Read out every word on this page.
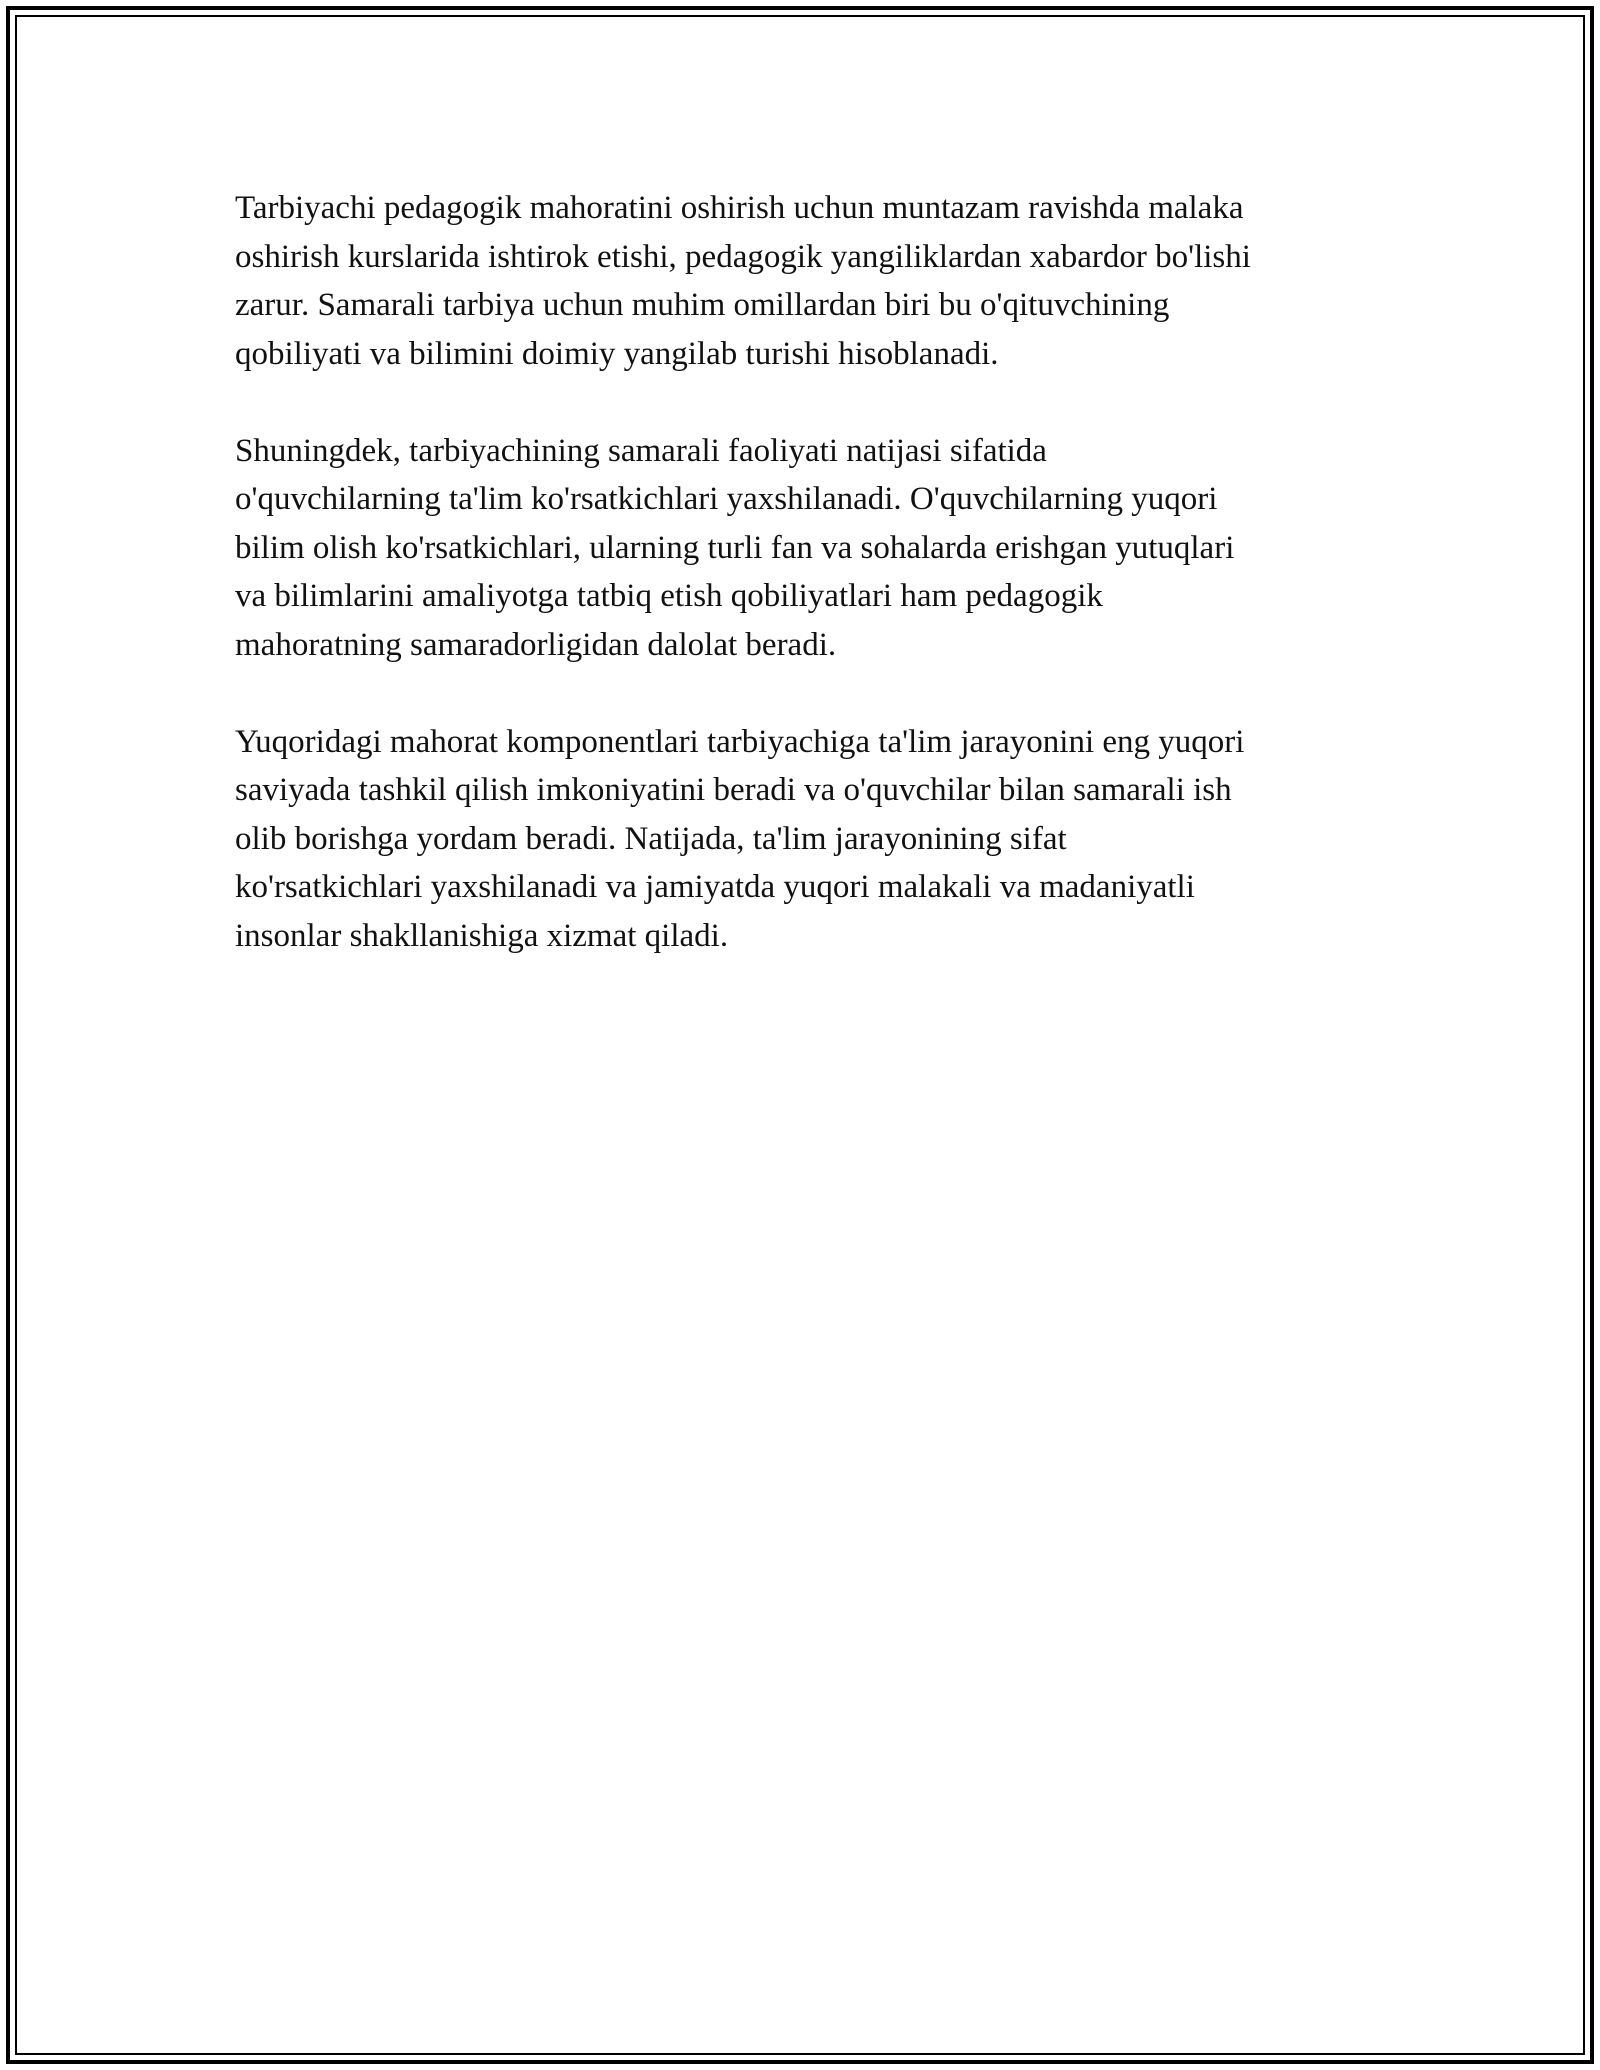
Tarbiyachi pedagogik mahoratini oshirish uchun muntazam ravishda malaka
oshirish kurslarida ishtirok etishi, pedagogik yangiliklardan xabardor bo'lishi
zarur. Samarali tarbiya uchun muhim omillardan biri bu o'qituvchining
qobiliyati va bilimini doimiy yangilab turishi hisoblanadi.

Shuningdek, tarbiyachining samarali faoliyati natijasi sifatida
o'quvchilarning ta'lim ko'rsatkichlari yaxshilanadi. O'quvchilarning yuqori
bilim olish ko'rsatkichlari, ularning turli fan va sohalarda erishgan yutuqlari
va bilimlarini amaliyotga tatbiq etish qobiliyatlari ham pedagogik
mahoratning samaradorligidan dalolat beradi.

Yuqoridagi mahorat komponentlari tarbiyachiga ta'lim jarayonini eng yuqori
saviyada tashkil qilish imkoniyatini beradi va o'quvchilar bilan samarali ish
olib borishga yordam beradi. Natijada, ta'lim jarayonining sifat
ko'rsatkichlari yaxshilanadi va jamiyatda yuqori malakali va madaniyatli
insonlar shakllanishiga xizmat qiladi.
